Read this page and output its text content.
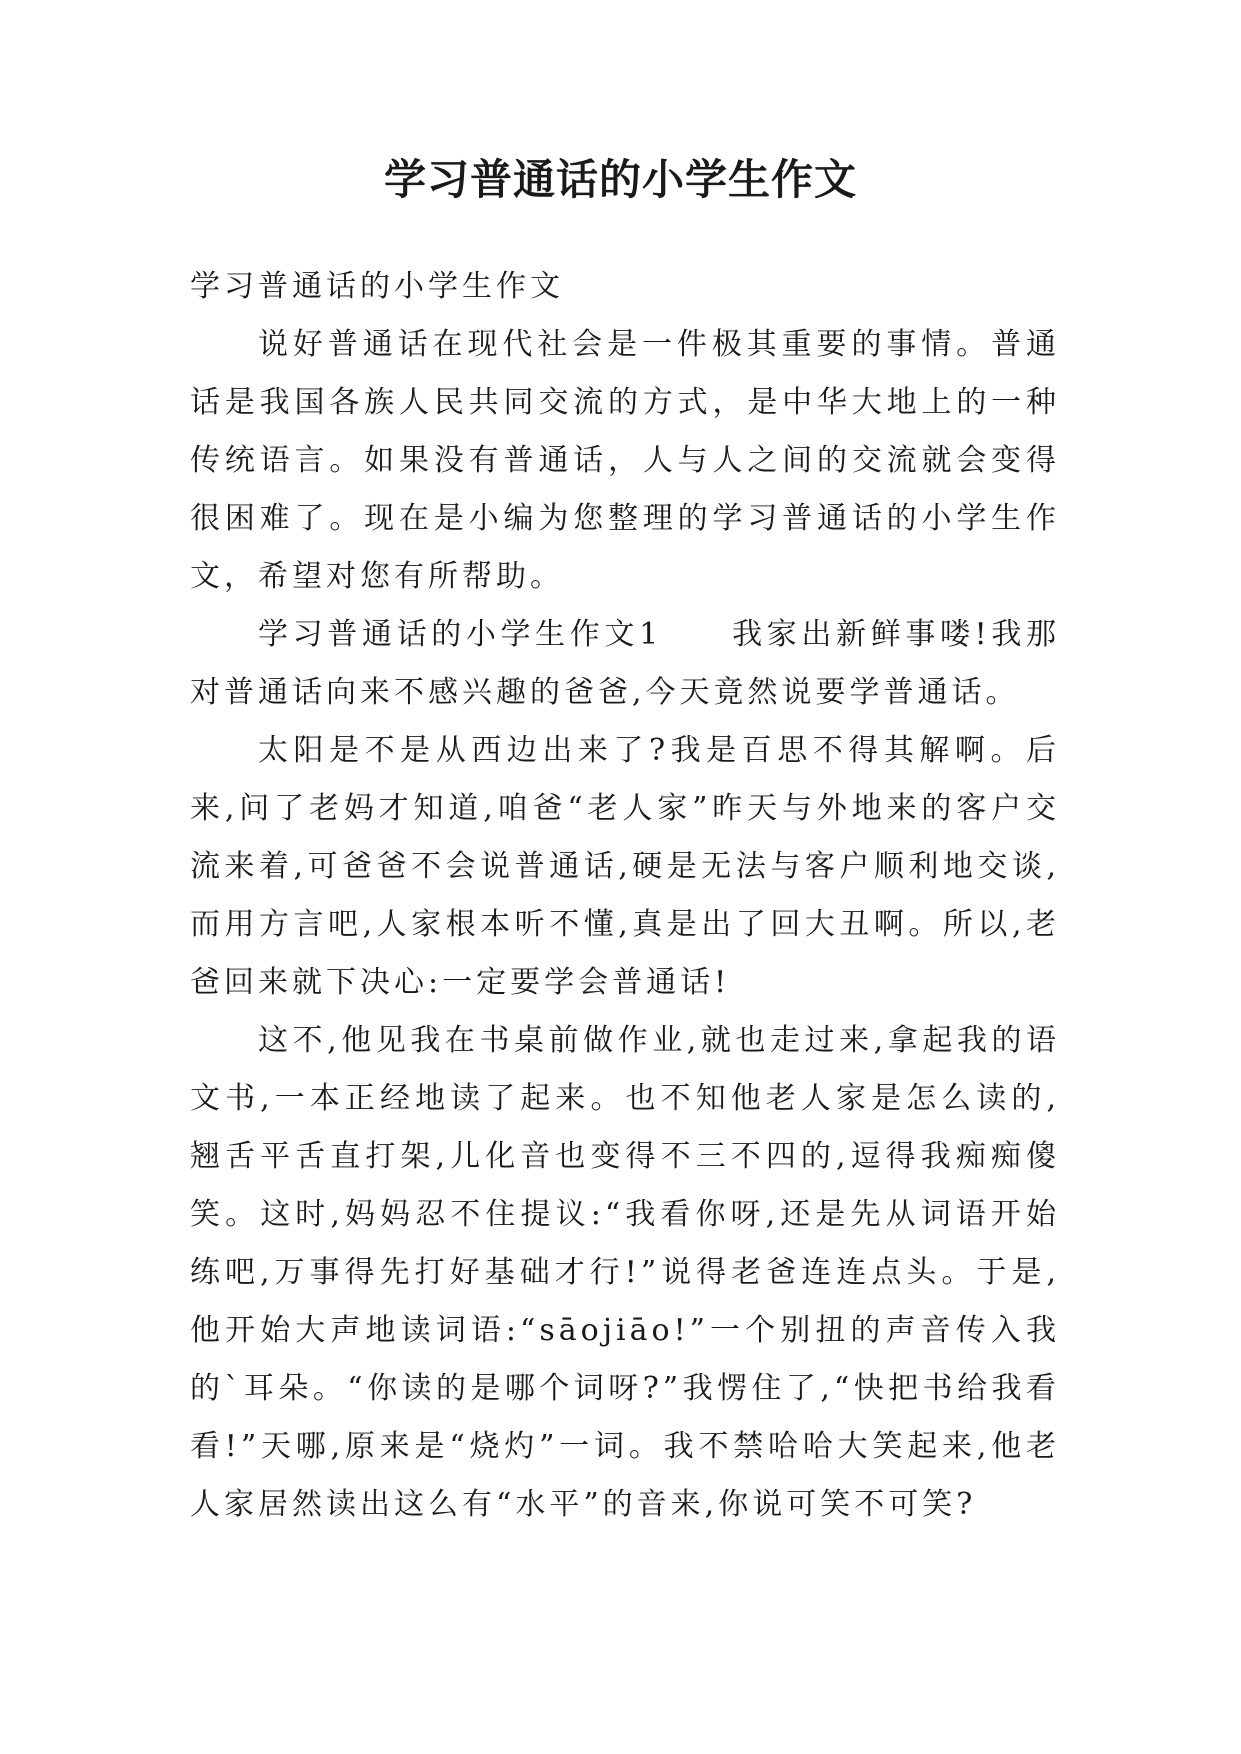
学习普通话的小学生作文

学习普通话的小学生作文

说好普通话在现代社会是一件极其重要的事情。普通话是我国各族人民共同交流的方式，是中华大地上的一种传统语言。如果没有普通话，人与人之间的交流就会变得很困难了。现在是小编为您整理的学习普通话的小学生作文，希望对您有所帮助。

学习普通话的小学生作文1　　我家出新鲜事喽!我那对普通话向来不感兴趣的爸爸,今天竟然说要学普通话。

太阳是不是从西边出来了?我是百思不得其解啊。后来,问了老妈才知道,咱爸“老人家”昨天与外地来的客户交流来着,可爸爸不会说普通话,硬是无法与客户顺利地交谈,而用方言吧,人家根本听不懂,真是出了回大丑啊。所以,老爸回来就下决心:一定要学会普通话!

这不,他见我在书桌前做作业,就也走过来,拿起我的语文书,一本正经地读了起来。也不知他老人家是怎么读的,翘舌平舌直打架,儿化音也变得不三不四的,逗得我痴痴傻笑。这时,妈妈忍不住提议:“我看你呀,还是先从词语开始练吧,万事得先打好基础才行!”说得老爸连连点头。于是,他开始大声地读词语:“sāojiāo!”一个别扭的声音传入我的`耳朵。“你读的是哪个词呀?”我愣住了,“快把书给我看看!”天哪,原来是“烧灼”一词。我不禁哈哈大笑起来,他老人家居然读出这么有“水平”的音来,你说可笑不可笑?
